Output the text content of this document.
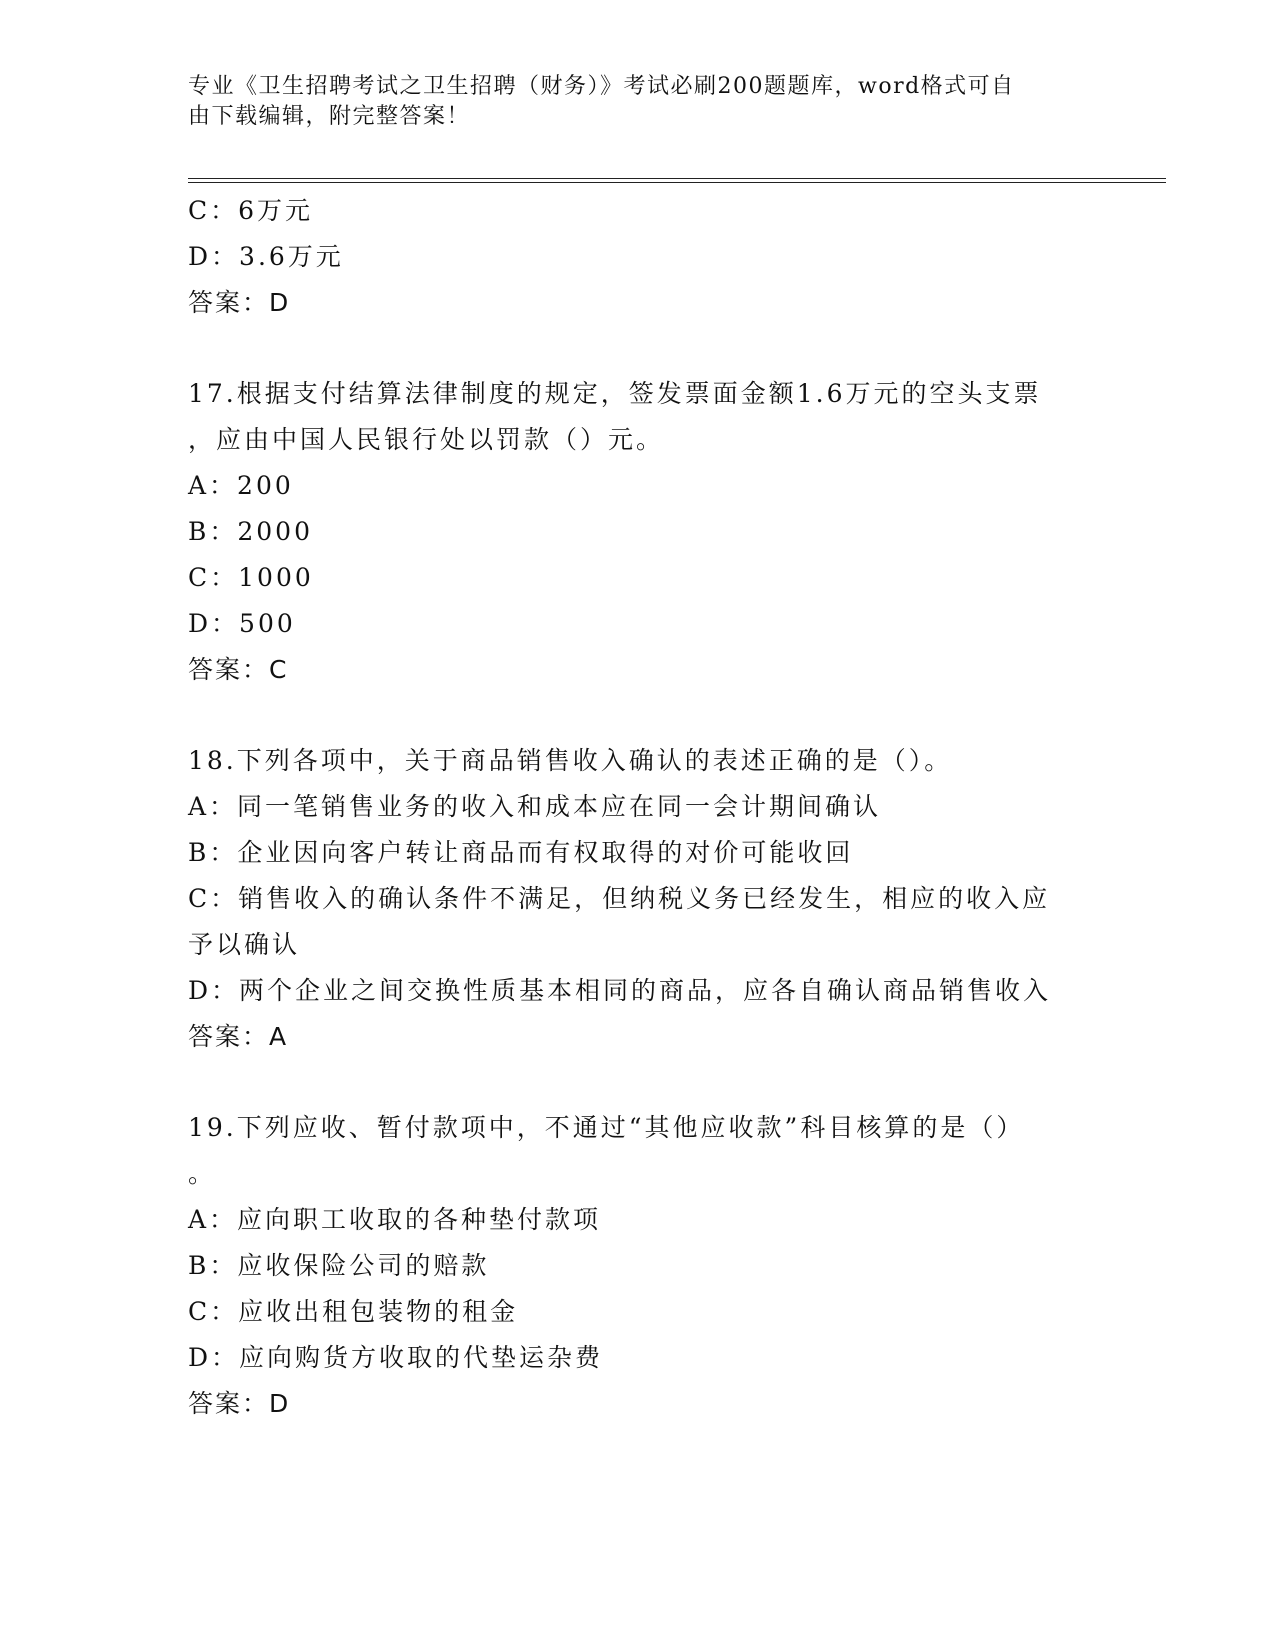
专业《卫生招聘考试之卫生招聘（财务）》考试必刷200题题库，word格式可自
由下载编辑，附完整答案！
C：6万元
D：3.6万元
答案：D
17.根据支付结算法律制度的规定，签发票面金额1.6万元的空头支票
，应由中国人民银行处以罚款（）元。
A：200
B：2000
C：1000
D：500
答案：C
18.下列各项中，关于商品销售收入确认的表述正确的是（）。
A：同一笔销售业务的收入和成本应在同一会计期间确认
B：企业因向客户转让商品而有权取得的对价可能收回
C：销售收入的确认条件不满足，但纳税义务已经发生，相应的收入应
予以确认
D：两个企业之间交换性质基本相同的商品，应各自确认商品销售收入
答案：A
19.下列应收、暂付款项中，不通过“其他应收款”科目核算的是（）
。
A：应向职工收取的各种垫付款项
B：应收保险公司的赔款
C：应收出租包装物的租金
D：应向购货方收取的代垫运杂费
答案：D
